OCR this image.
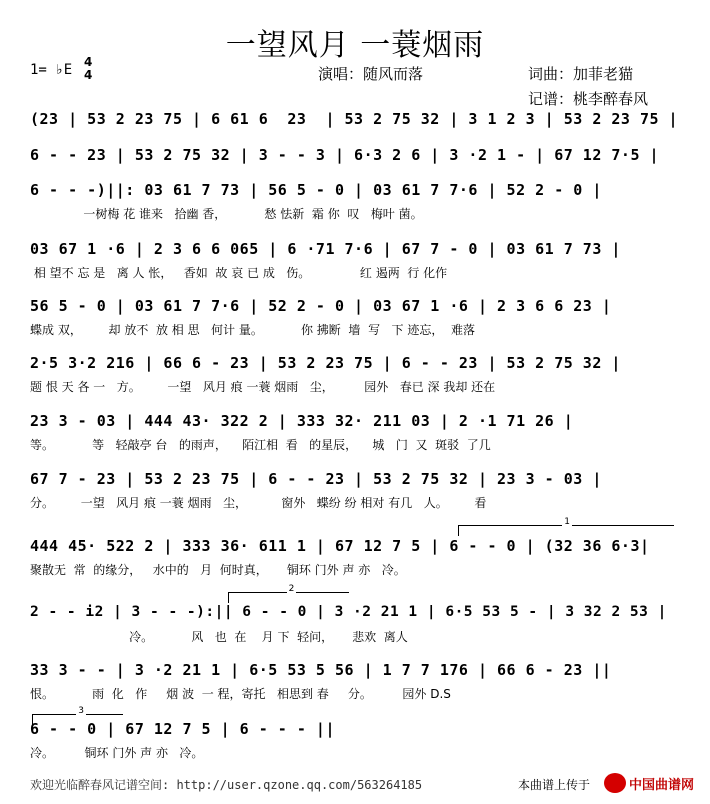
一望风月 一蓑烟雨
1= ♭E 4
4	演唱：随风而落	词曲：加菲老猫
记谱：桃李醉春风
(23 | 53 2 23 75 | 6 61 6  23  | 53 2 75 32 | 3 1 2 3 | 53 2 23 75 |
6 - - 23 | 53 2 75 32 | 3 - - 3 | 6·3 2 6 | 3 ·2 1 - | 67 12 7·5 |
6 - - -)||: 03 61 7 73 | 56 5 - 0 | 03 61 7 7·6 | 52 2 - 0 |
一树梅 花 谁来   拾幽 香，          愁 怯新  霜 你  叹   梅叶 菌。
03 67 1 ·6 | 2 3 6 6 065 | 6 ·71 7·6 | 67 7 - 0 | 03 61 7 73 |
相 望不 忘 是   离 人 怅，   香如  故 哀 已 成   伤。             红 遏两  行 化作
56 5 - 0 | 03 61 7 7·6 | 52 2 - 0 | 03 67 1 ·6 | 2 3 6 6 23 |
蝶成 双，       却 放不  放 相 思   何计 量。          你 拂断  墙  写   下 迹忘，  难落
2·5 3·2 216 | 66 6 - 23 | 53 2 23 75 | 6 - - 23 | 53 2 75 32 |
题 恨 天 各 一   方。       一望   风月 痕 一蓑 烟雨   尘，        园外   春已 深 我却 还在
23 3 - 03 | 444 43· 322 2 | 333 32· 211 03 | 2 ·1 71 26 |
等。          等   轻敲亭 台   的雨声，    陌江相  看   的星辰，    城   门  又  斑驳  了几
67 7 - 23 | 53 2 23 75 | 6 - - 23 | 53 2 75 32 | 23 3 - 03 |
分。       一望   风月 痕 一蓑 烟雨   尘，         窗外   蝶纷 纷 相对 有几   人。       看
444 45· 522 2 | 333 36· 611 1 | 67 12 7 5 | 6 - - 0 | (32 36 6·3|
聚散无  常  的缘分，   水中的   月  何时真，     铜环 门外 声 亦   冷。
2 - - i2 | 3 - - -):|| 6 - - 0 | 3 ·2 21 1 | 6·5 53 5 - | 3 32 2 53 |
冷。          风   也  在    月 下  轻问，     悲欢  离人
33 3 - - | 3 ·2 21 1 | 6·5 53 5 56 | 1 7 7 176 | 66 6 - 23 ||
恨。          雨  化   作     烟 波  一 程，寄托   相思到 春     分。        园外 D.S
6 - - 0 | 67 12 7 5 | 6 - - - ||
冷。        铜环 门外 声 亦   冷。
1
2
3
欢迎光临醉春风记谱空间: http://user.qzone.qq.com/563264185	本曲谱上传于	中国曲谱网
